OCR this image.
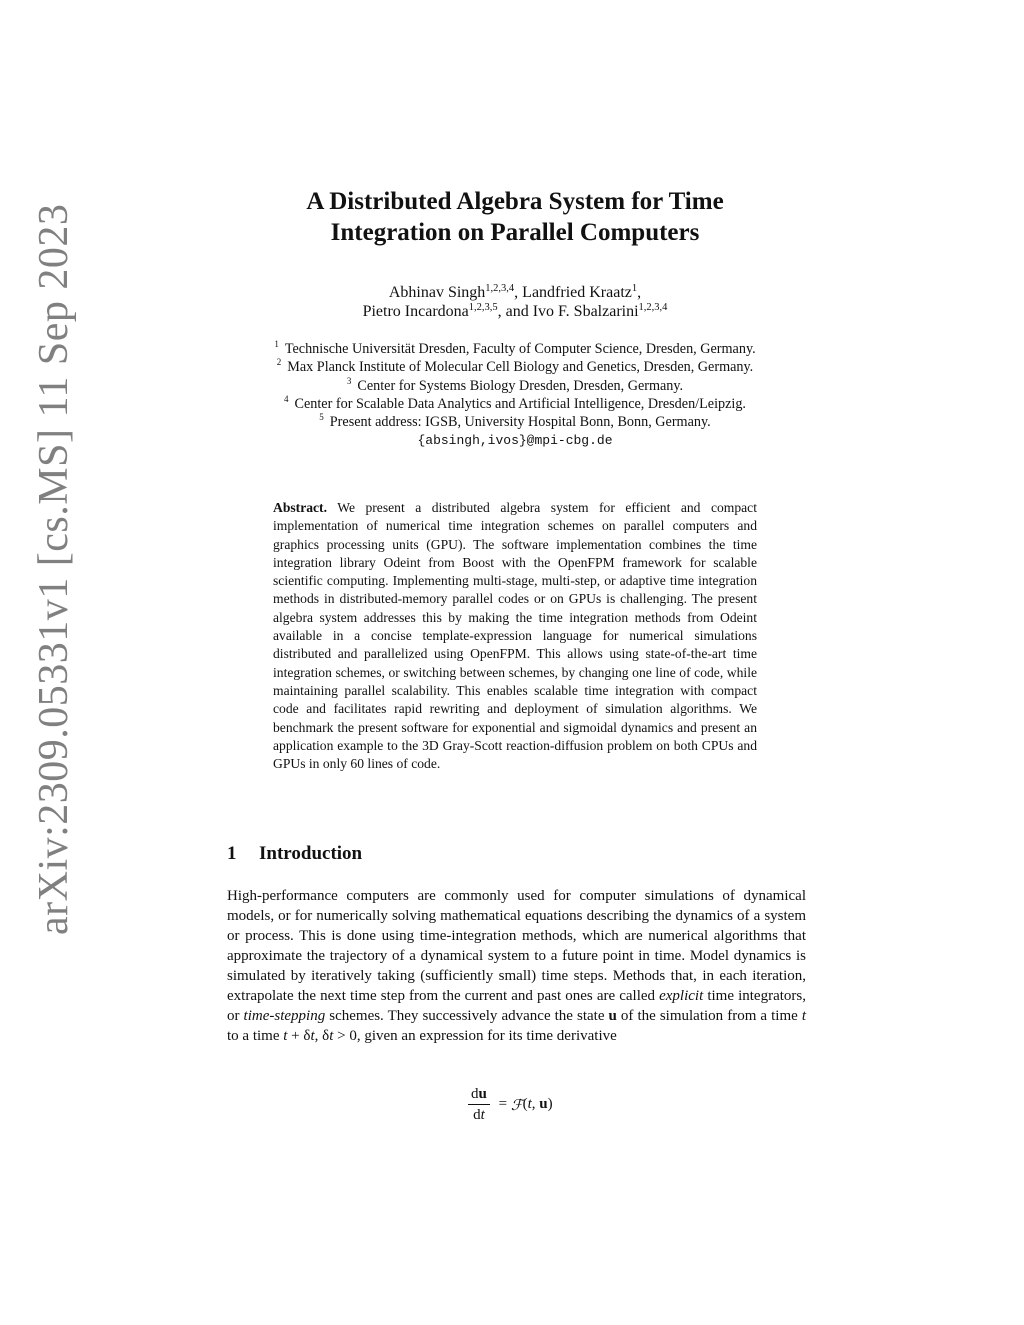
arXiv:2309.05331v1 [cs.MS] 11 Sep 2023
A Distributed Algebra System for Time
Integration on Parallel Computers
Abhinav Singh$^{1,2,3,4}$, Landfried Kraatz$^1$,
Pietro Incardona$^{1,2,3,5}$, and Ivo F. Sbalzarini$^{1,2,3,4}$
$^1$ Technische Universität Dresden, Faculty of Computer Science, Dresden, Germany.
$^2$ Max Planck Institute of Molecular Cell Biology and Genetics, Dresden, Germany.
$^3$ Center for Systems Biology Dresden, Dresden, Germany.
$^4$ Center for Scalable Data Analytics and Artificial Intelligence, Dresden/Leipzig.
$^5$ Present address: IGSB, University Hospital Bonn, Bonn, Germany.
{absingh,ivos}@mpi-cbg.de
Abstract. We present a distributed algebra system for efficient and compact implementation of numerical time integration schemes on parallel computers and graphics processing units (GPU). The software implementation combines the time integration library Odeint from Boost with the OpenFPM framework for scalable scientific computing. Implementing multi-stage, multi-step, or adaptive time integration methods in distributed-memory parallel codes or on GPUs is challenging. The present algebra system addresses this by making the time integration methods from Odeint available in a concise template-expression language for numerical simulations distributed and parallelized using OpenFPM. This allows using state-of-the-art time integration schemes, or switching between schemes, by changing one line of code, while maintaining parallel scalability. This enables scalable time integration with compact code and facilitates rapid rewriting and deployment of simulation algorithms. We benchmark the present software for exponential and sigmoidal dynamics and present an application example to the 3D Gray-Scott reaction-diffusion problem on both CPUs and GPUs in only 60 lines of code.
1 Introduction

High-performance computers are commonly used for computer simulations of dynamical models, or for numerically solving mathematical equations describing the dynamics of a system or process. This is done using time-integration methods, which are numerical algorithms that approximate the trajectory of a dynamical system to a future point in time. Model dynamics is simulated by iteratively taking (sufficiently small) time steps. Methods that, in each iteration, extrapolate the next time step from the current and past ones are called explicit time integrators, or time-stepping schemes. They successively advance the state u of the simulation from a time t to a time t + δt, δt > 0, given an expression for its time derivative

$\frac{du}{dt}$ = ℱ ( t , u )
